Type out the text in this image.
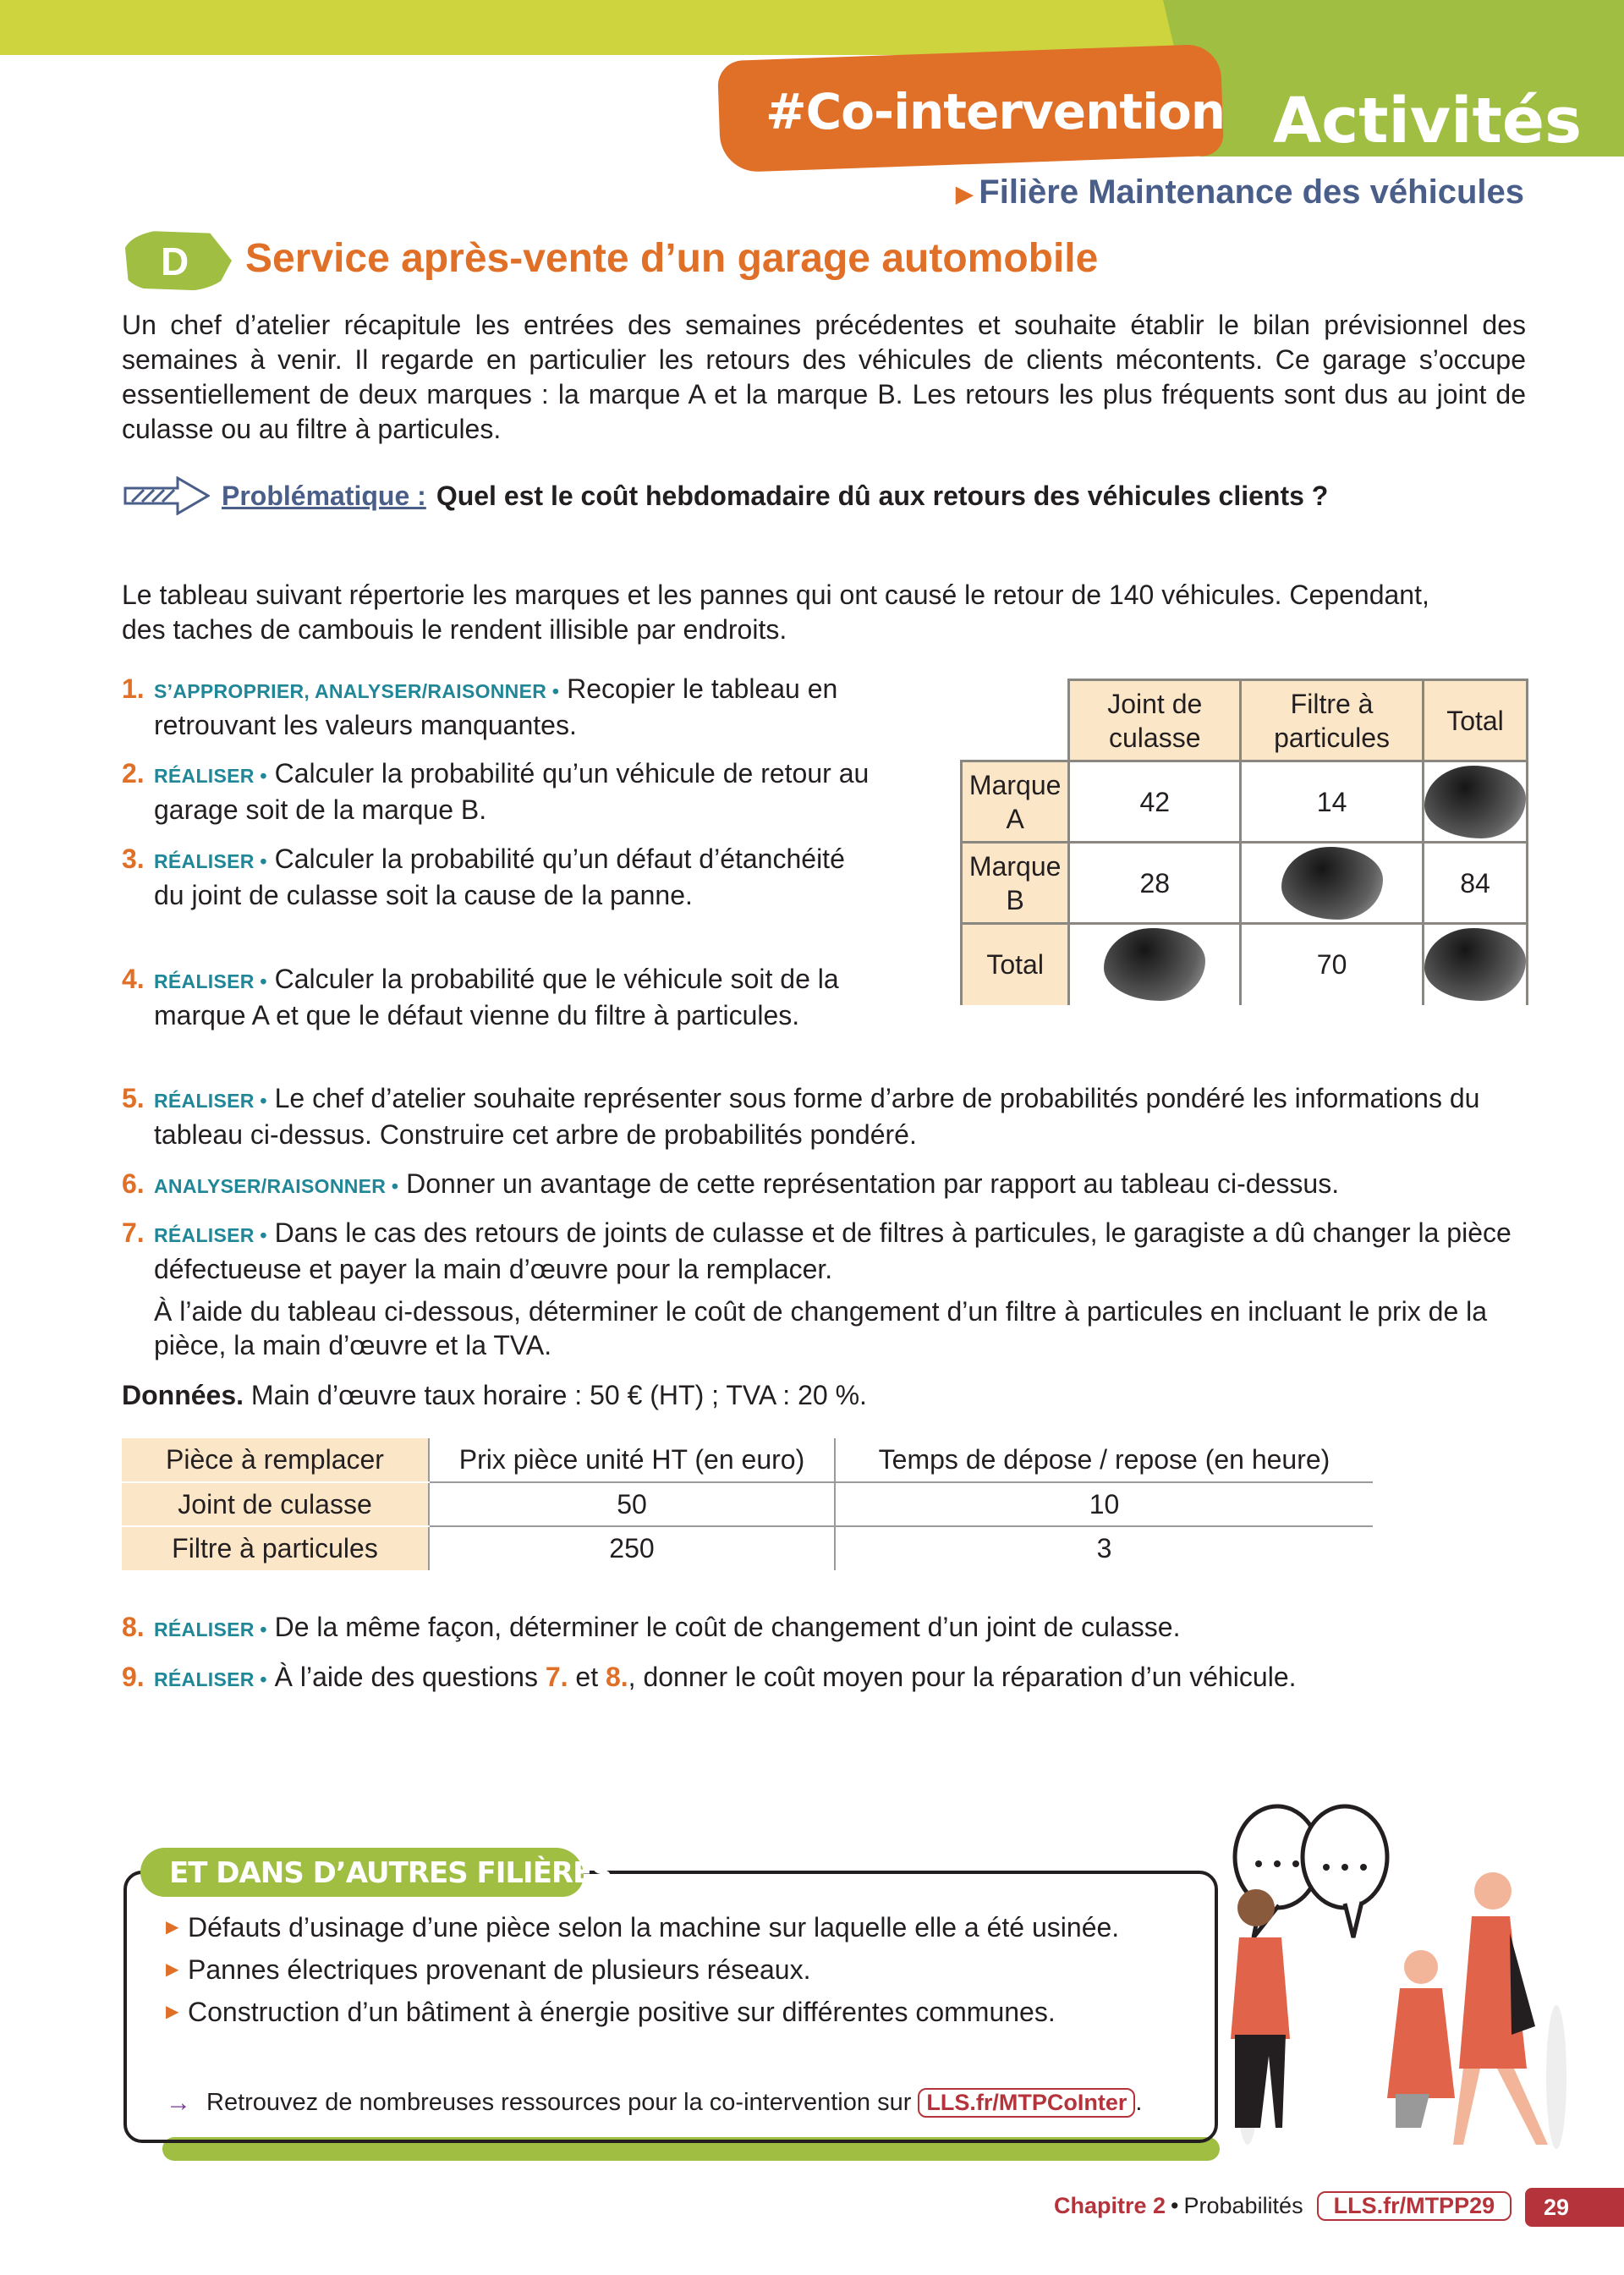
#Co-intervention Activités
▶ Filière Maintenance des véhicules
D Service après-vente d’un garage automobile
Un chef d’atelier récapitule les entrées des semaines précédentes et souhaite établir le bilan prévisionnel des semaines à venir. Il regarde en particulier les retours des véhicules de clients mécontents. Ce garage s’occupe essentiellement de deux marques : la marque A et la marque B. Les retours les plus fréquents sont dus au joint de culasse ou au filtre à particules.
Problématique : Quel est le coût hebdomadaire dû aux retours des véhicules clients ?
Le tableau suivant répertorie les marques et les pannes qui ont causé le retour de 140 véhicules. Cependant, des taches de cambouis le rendent illisible par endroits.
1. S’APPROPRIER, ANALYSER/RAISONNER • Recopier le tableau en retrouvant les valeurs manquantes.
2. RÉALISER • Calculer la probabilité qu’un véhicule de retour au garage soit de la marque B.
3. RÉALISER • Calculer la probabilité qu’un défaut d’étanchéité du joint de culasse soit la cause de la panne.
4. RÉALISER • Calculer la probabilité que le véhicule soit de la marque A et que le défaut vienne du filtre à particules.
	Joint de culasse	Filtre à particules	Total
Marque A	42	14	
Marque B	28		84
Total		70	
5. RÉALISER • Le chef d’atelier souhaite représenter sous forme d’arbre de probabilités pondéré les informations du tableau ci-dessus. Construire cet arbre de probabilités pondéré.
6. ANALYSER/RAISONNER • Donner un avantage de cette représentation par rapport au tableau ci-dessus.
7. RÉALISER • Dans le cas des retours de joints de culasse et de filtres à particules, le garagiste a dû changer la pièce défectueuse et payer la main d’œuvre pour la remplacer.
À l’aide du tableau ci-dessous, déterminer le coût de changement d’un filtre à particules en incluant le prix de la pièce, la main d’œuvre et la TVA.
Données. Main d’œuvre taux horaire : 50 € (HT) ; TVA : 20 %.
Pièce à remplacer	Prix pièce unité HT (en euro)	Temps de dépose / repose (en heure)
Joint de culasse	50	10
Filtre à particules	250	3
8. RÉALISER • De la même façon, déterminer le coût de changement d’un joint de culasse.
9. RÉALISER • À l’aide des questions 7. et 8., donner le coût moyen pour la réparation d’un véhicule.
ET DANS D’AUTRES FILIÈRES…
▶ Défauts d’usinage d’une pièce selon la machine sur laquelle elle a été usinée.
▶ Pannes électriques provenant de plusieurs réseaux.
▶ Construction d’un bâtiment à énergie positive sur différentes communes.
→ Retrouvez de nombreuses ressources pour la co-intervention sur LLS.fr/MTPCoInter .
Chapitre 2 • Probabilités	LLS.fr/MTPP29	29
